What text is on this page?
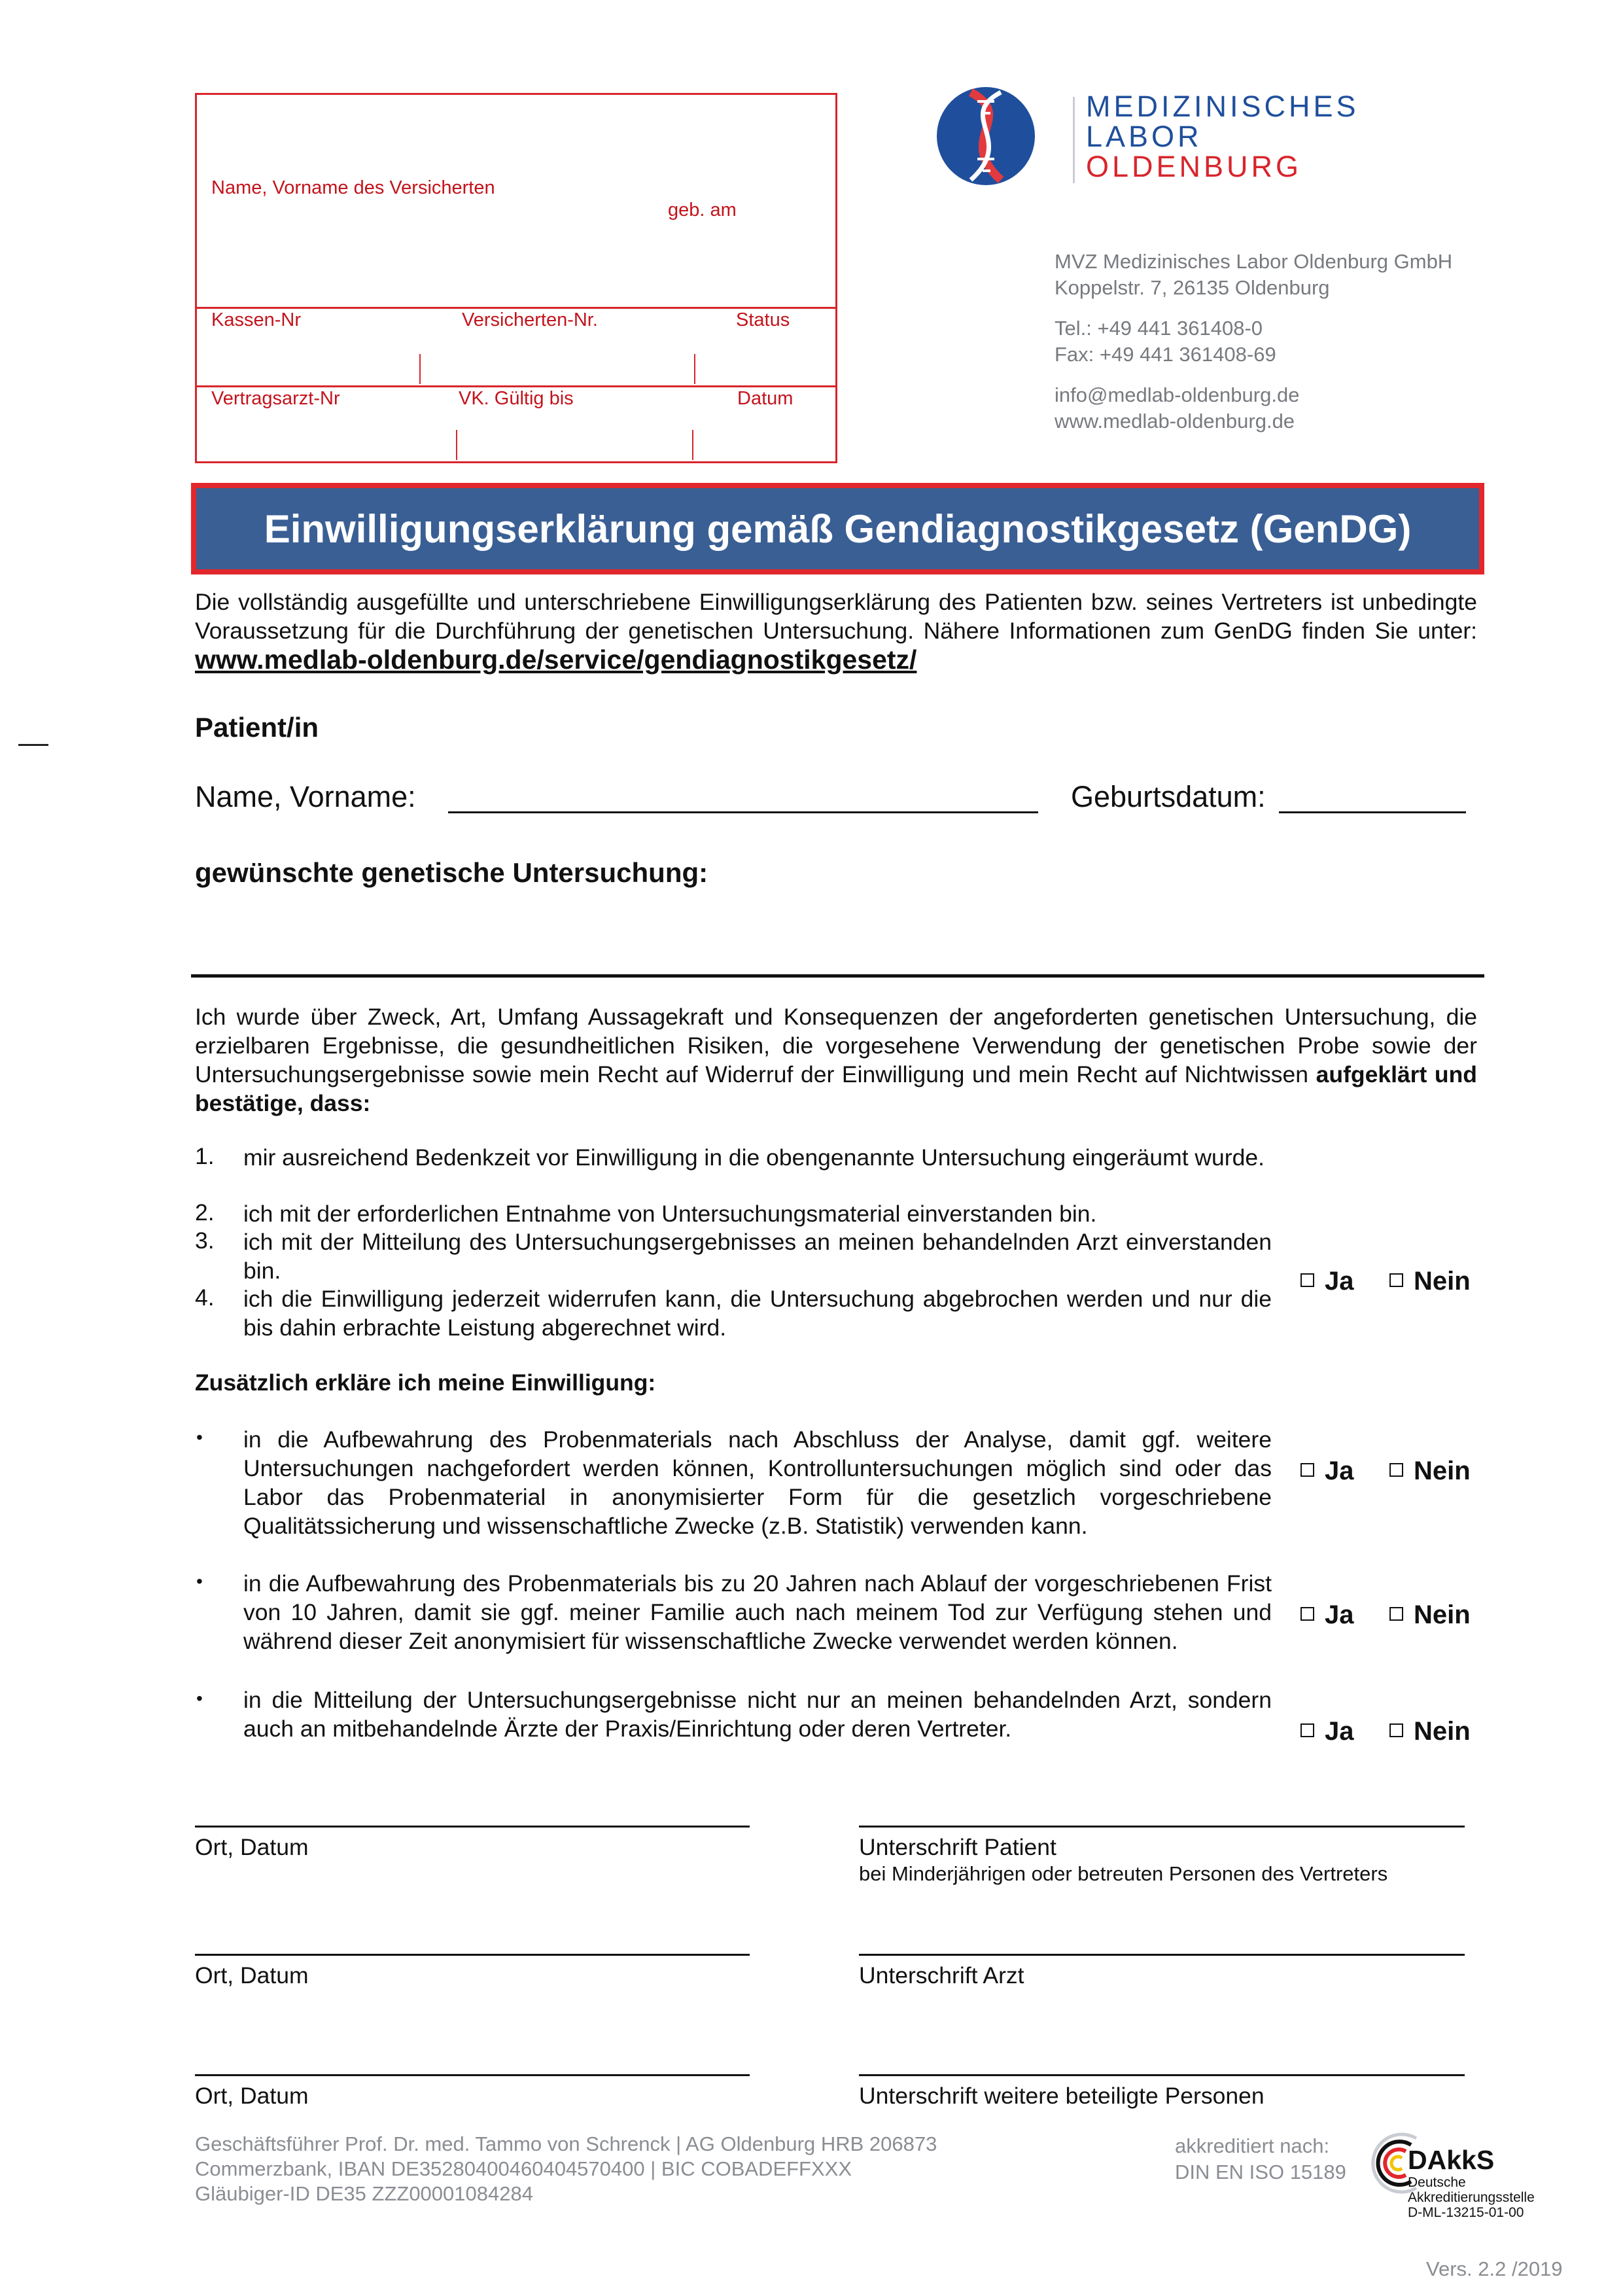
Name, Vorname des Versicherten
geb. am
Kassen-Nr	Versicherten-Nr.	Status
Vertragsarzt-Nr	VK. Gültig bis	Datum
MEDIZINISCHES
LABOR
OLDENBURG
MVZ Medizinisches Labor Oldenburg GmbH
Koppelstr. 7, 26135 Oldenburg
Tel.: +49 441 361408-0
Fax: +49 441 361408-69
info@medlab-oldenburg.de
www.medlab-oldenburg.de
Einwilligungserklärung gemäß Gendiagnostikgesetz (GenDG)
Die vollständig ausgefüllte und unterschriebene Einwilligungserklärung des Patienten bzw. seines Vertreters ist unbedingte Voraussetzung für die Durchführung der genetischen Untersuchung. Nähere Informationen zum GenDG finden Sie unter: www.medlab-oldenburg.de/service/gendiagnostikgesetz/
Patient/in
Name, Vorname:	Geburtsdatum:
gewünschte genetische Untersuchung:
Ich wurde über Zweck, Art, Umfang Aussagekraft und Konsequenzen der angeforderten genetischen Untersuchung, die erzielbaren Ergebnisse, die gesundheitlichen Risiken, die vorgesehene Verwendung der genetischen Probe sowie der Untersuchungsergebnisse sowie mein Recht auf Widerruf der Einwilligung und mein Recht auf Nichtwissen aufgeklärt und bestätige, dass:
1. mir ausreichend Bedenkzeit vor Einwilligung in die obengenannte Untersuchung eingeräumt wurde.
2. ich mit der erforderlichen Entnahme von Untersuchungsmaterial einverstanden bin.
3. ich mit der Mitteilung des Untersuchungsergebnisses an meinen behandelnden Arzt einverstanden bin.
4. ich die Einwilligung jederzeit widerrufen kann, die Untersuchung abgebrochen werden und nur die bis dahin erbrachte Leistung abgerechnet wird.
Ja	Nein
Zusätzlich erkläre ich meine Einwilligung:
• in die Aufbewahrung des Probenmaterials nach Abschluss der Analyse, damit ggf. weitere Untersuchungen nachgefordert werden können, Kontrolluntersuchungen möglich sind oder das Labor das Probenmaterial in anonymisierter Form für die gesetzlich vorgeschriebene Qualitätssicherung und wissenschaftliche Zwecke (z.B. Statistik) verwenden kann.
Ja	Nein
• in die Aufbewahrung des Probenmaterials bis zu 20 Jahren nach Ablauf der vorgeschriebenen Frist von 10 Jahren, damit sie ggf. meiner Familie auch nach meinem Tod zur Verfügung stehen und während dieser Zeit anonymisiert für wissenschaftliche Zwecke verwendet werden können.
Ja	Nein
• in die Mitteilung der Untersuchungsergebnisse nicht nur an meinen behandelnden Arzt, sondern auch an mitbehandelnde Ärzte der Praxis/Einrichtung oder deren Vertreter.	Ja	Nein
Ort, Datum	Unterschrift Patient
bei Minderjährigen oder betreuten Personen des Vertreters
Ort, Datum	Unterschrift Arzt
Ort, Datum	Unterschrift weitere beteiligte Personen
Geschäftsführer Prof. Dr. med. Tammo von Schrenck | AG Oldenburg HRB 206873
Commerzbank, IBAN DE35280400460404570400 | BIC COBADEFFXXX
Gläubiger-ID DE35 ZZZ00001084284
akkreditiert nach:
DIN EN ISO 15189 DAkkS
Deutsche
Akkreditierungsstelle
D-ML-13215-01-00
Vers. 2.2 /2019
